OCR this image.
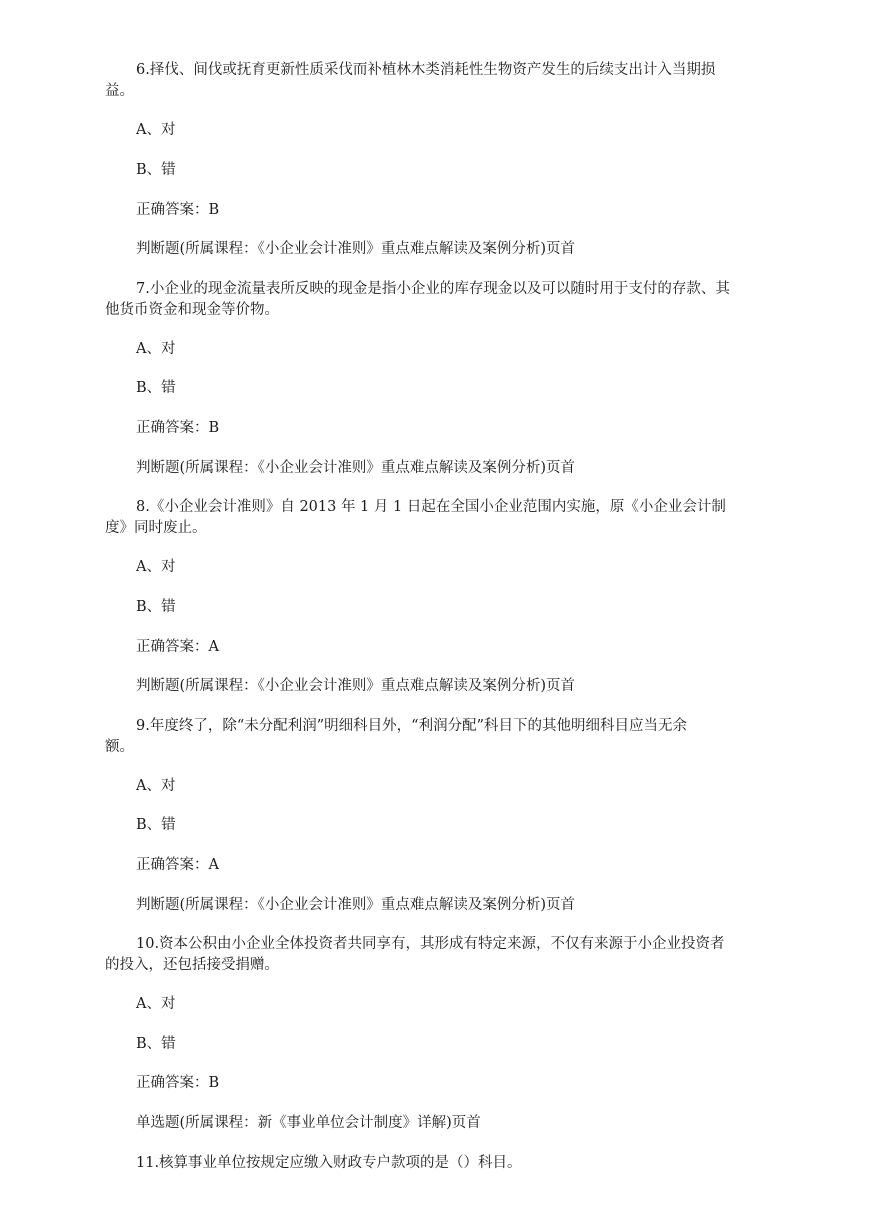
6.择伐、间伐或抚育更新性质采伐而补植林木类消耗性生物资产发生的后续支出计入当期损
益。
A、对
B、错
正确答案：B
判断题(所属课程：《小企业会计准则》重点难点解读及案例分析)页首
7.小企业的现金流量表所反映的现金是指小企业的库存现金以及可以随时用于支付的存款、其
他货币资金和现金等价物。
A、对
B、错
正确答案：B
判断题(所属课程：《小企业会计准则》重点难点解读及案例分析)页首
8.《小企业会计准则》自 2013 年 1 月 1 日起在全国小企业范围内实施，原《小企业会计制
度》同时废止。
A、对
B、错
正确答案：A
判断题(所属课程：《小企业会计准则》重点难点解读及案例分析)页首
9.年度终了，除“未分配利润”明细科目外，“利润分配”科目下的其他明细科目应当无余
额。
A、对
B、错
正确答案：A
判断题(所属课程：《小企业会计准则》重点难点解读及案例分析)页首
10.资本公积由小企业全体投资者共同享有，其形成有特定来源，不仅有来源于小企业投资者
的投入，还包括接受捐赠。
A、对
B、错
正确答案：B
单选题(所属课程：新《事业单位会计制度》详解)页首
11.核算事业单位按规定应缴入财政专户款项的是（）科目。
